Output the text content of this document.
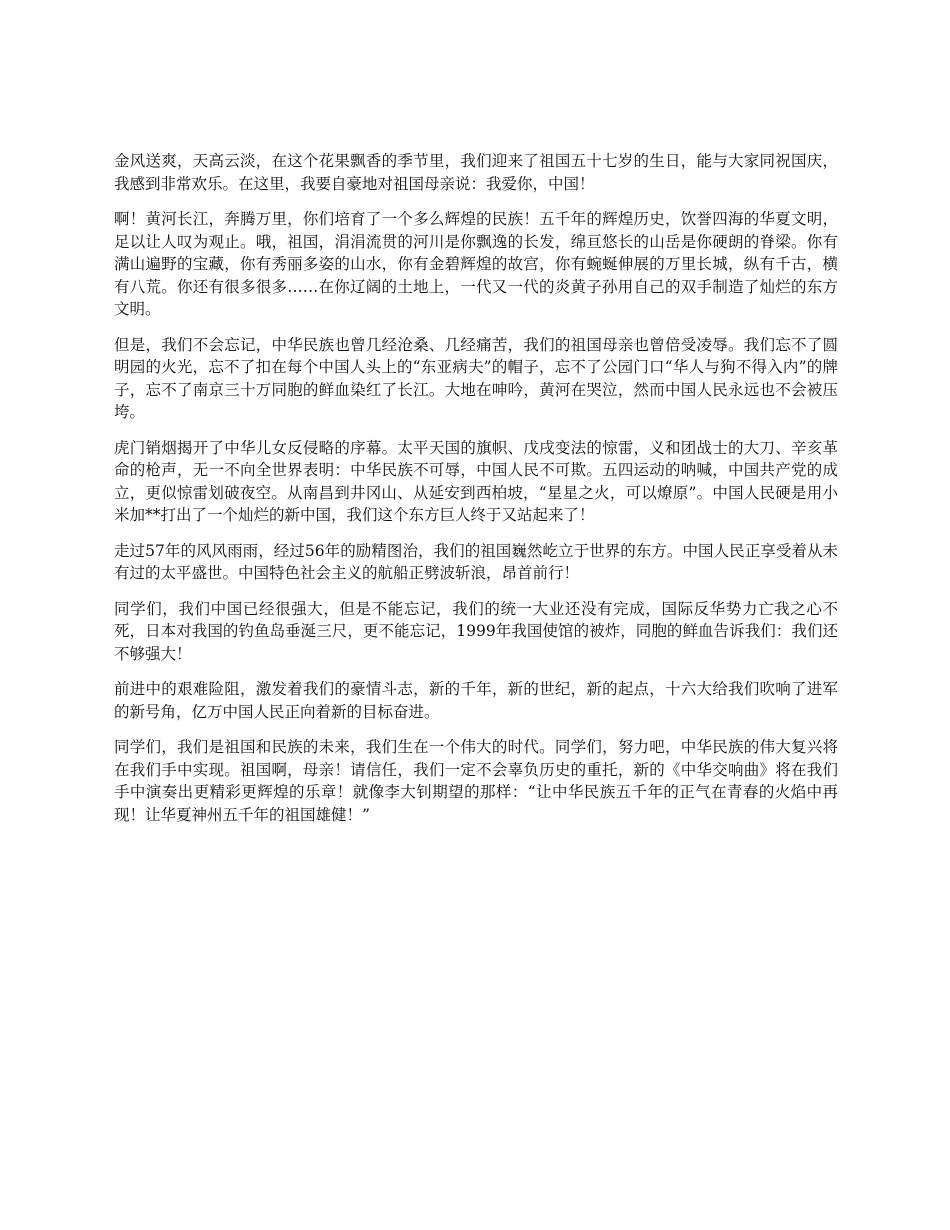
金风送爽，天高云淡，在这个花果飘香的季节里，我们迎来了祖国五十七岁的生日，能与大家同祝国庆，我感到非常欢乐。在这里，我要自豪地对祖国母亲说：我爱你，中国！

啊！黄河长江，奔腾万里，你们培育了一个多么辉煌的民族！五千年的辉煌历史，饮誉四海的华夏文明，足以让人叹为观止。哦，祖国，涓涓流贯的河川是你飘逸的长发，绵亘悠长的山岳是你硬朗的脊梁。你有满山遍野的宝藏，你有秀丽多姿的山水，你有金碧辉煌的故宫，你有蜿蜒伸展的万里长城，纵有千古，横有八荒。你还有很多很多……在你辽阔的土地上，一代又一代的炎黄子孙用自己的双手制造了灿烂的东方文明。

但是，我们不会忘记，中华民族也曾几经沧桑、几经痛苦，我们的祖国母亲也曾倍受凌辱。我们忘不了圆明园的火光，忘不了扣在每个中国人头上的“东亚病夫”的帽子，忘不了公园门口“华人与狗不得入内”的牌子，忘不了南京三十万同胞的鲜血染红了长江。大地在呻吟，黄河在哭泣，然而中国人民永远也不会被压垮。

虎门销烟揭开了中华儿女反侵略的序幕。太平天国的旗帜、戊戌变法的惊雷，义和团战士的大刀、辛亥革命的枪声，无一不向全世界表明：中华民族不可辱，中国人民不可欺。五四运动的呐喊，中国共产党的成立，更似惊雷划破夜空。从南昌到井冈山、从延安到西柏坡，“星星之火，可以燎原”。中国人民硬是用小米加**打出了一个灿烂的新中国，我们这个东方巨人终于又站起来了！

走过57年的风风雨雨，经过56年的励精图治，我们的祖国巍然屹立于世界的东方。中国人民正享受着从未有过的太平盛世。中国特色社会主义的航船正劈波斩浪，昂首前行！

同学们，我们中国已经很强大，但是不能忘记，我们的统一大业还没有完成，国际反华势力亡我之心不死，日本对我国的钓鱼岛垂涎三尺，更不能忘记，1999年我国使馆的被炸，同胞的鲜血告诉我们：我们还不够强大！

前进中的艰难险阻，激发着我们的豪情斗志，新的千年，新的世纪，新的起点，十六大给我们吹响了进军的新号角，亿万中国人民正向着新的目标奋进。

同学们，我们是祖国和民族的未来，我们生在一个伟大的时代。同学们，努力吧，中华民族的伟大复兴将在我们手中实现。祖国啊，母亲！请信任，我们一定不会辜负历史的重托，新的《中华交响曲》将在我们手中演奏出更精彩更辉煌的乐章！就像李大钊期望的那样：“让中华民族五千年的正气在青春的火焰中再现！让华夏神州五千年的祖国雄健！”
